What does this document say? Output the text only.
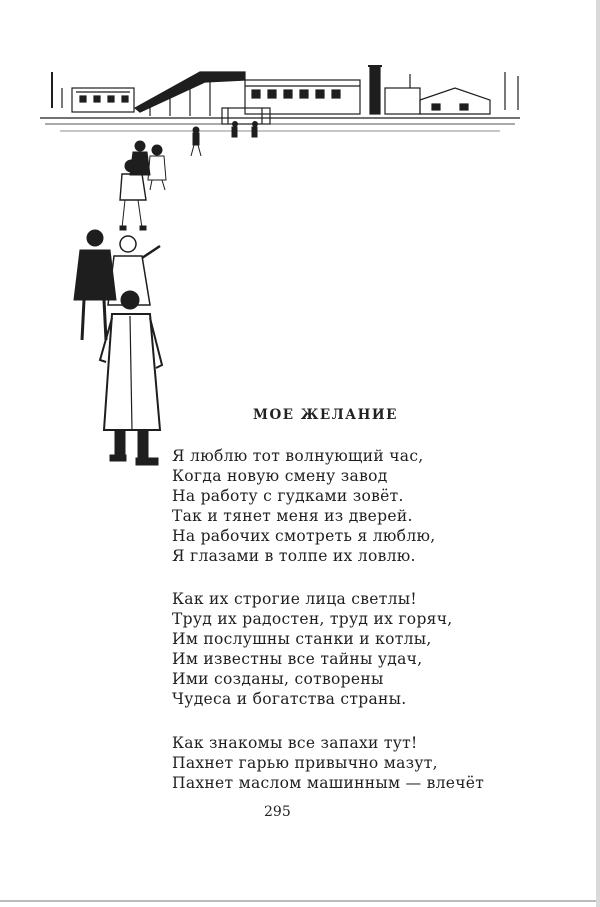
МОЕ ЖЕЛАНИЕ
Я люблю тот волнующий час,
Когда новую смену завод
На работу с гудками зовёт.
Так и тянет меня из дверей.
На рабочих смотреть я люблю,
Я глазами в толпе их ловлю.
Как их строгие лица светлы!
Труд их радостен, труд их горяч,
Им послушны станки и котлы,
Им известны все тайны удач,
Ими созданы, сотворены
Чудеса и богатства страны.
Как знакомы все запахи тут!
Пахнет гарью привычно мазут,
Пахнет маслом машинным — влечёт
295
